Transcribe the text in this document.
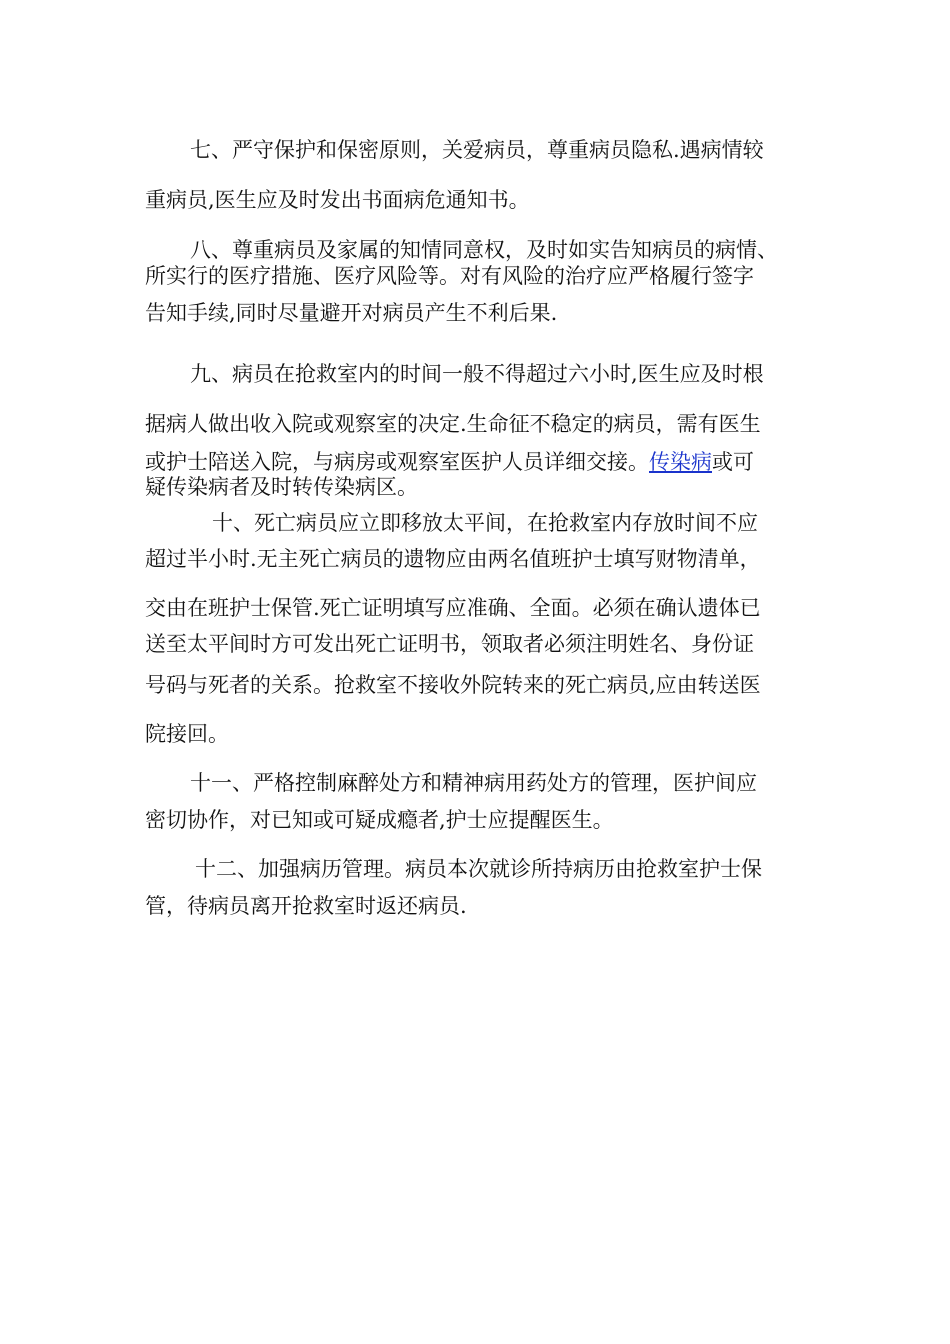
七、严守保护和保密原则，关爱病员，尊重病员隐私.遇病情较
重病员,医生应及时发出书面病危通知书。
八、尊重病员及家属的知情同意权，及时如实告知病员的病情、
所实行的医疗措施、医疗风险等。对有风险的治疗应严格履行签字
告知手续,同时尽量避开对病员产生不利后果.
九、病员在抢救室内的时间一般不得超过六小时,医生应及时根
据病人做出收入院或观察室的决定.生命征不稳定的病员，需有医生
或护士陪送入院，与病房或观察室医护人员详细交接。传染病或可
疑传染病者及时转传染病区。
十、死亡病员应立即移放太平间，在抢救室内存放时间不应
超过半小时.无主死亡病员的遗物应由两名值班护士填写财物清单，
交由在班护士保管.死亡证明填写应准确、全面。必须在确认遗体已
送至太平间时方可发出死亡证明书，领取者必须注明姓名、身份证
号码与死者的关系。抢救室不接收外院转来的死亡病员,应由转送医
院接回。
十一、严格控制麻醉处方和精神病用药处方的管理，医护间应
密切协作，对已知或可疑成瘾者,护士应提醒医生。
十二、加强病历管理。病员本次就诊所持病历由抢救室护士保
管，待病员离开抢救室时返还病员.
